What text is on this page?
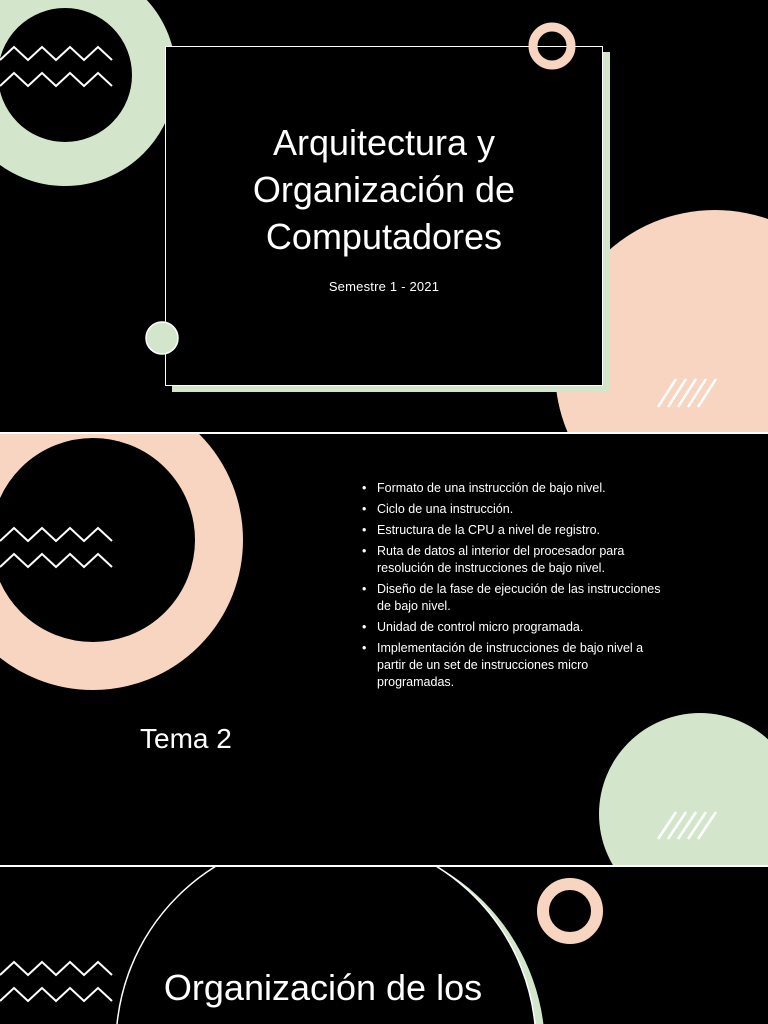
Arquitectura y
Organización de
Computadores
Semestre 1 - 2021
• Formato de una instrucción de bajo nivel.
• Ciclo de una instrucción.
• Estructura de la CPU a nivel de registro.
• Ruta de datos al interior del procesador para resolución de instrucciones de bajo nivel.
• Diseño de la fase de ejecución de las instrucciones de bajo nivel.
• Unidad de control micro programada.
• Implementación de instrucciones de bajo nivel a partir de un set de instrucciones micro programadas.
Tema 2
Organización de los
